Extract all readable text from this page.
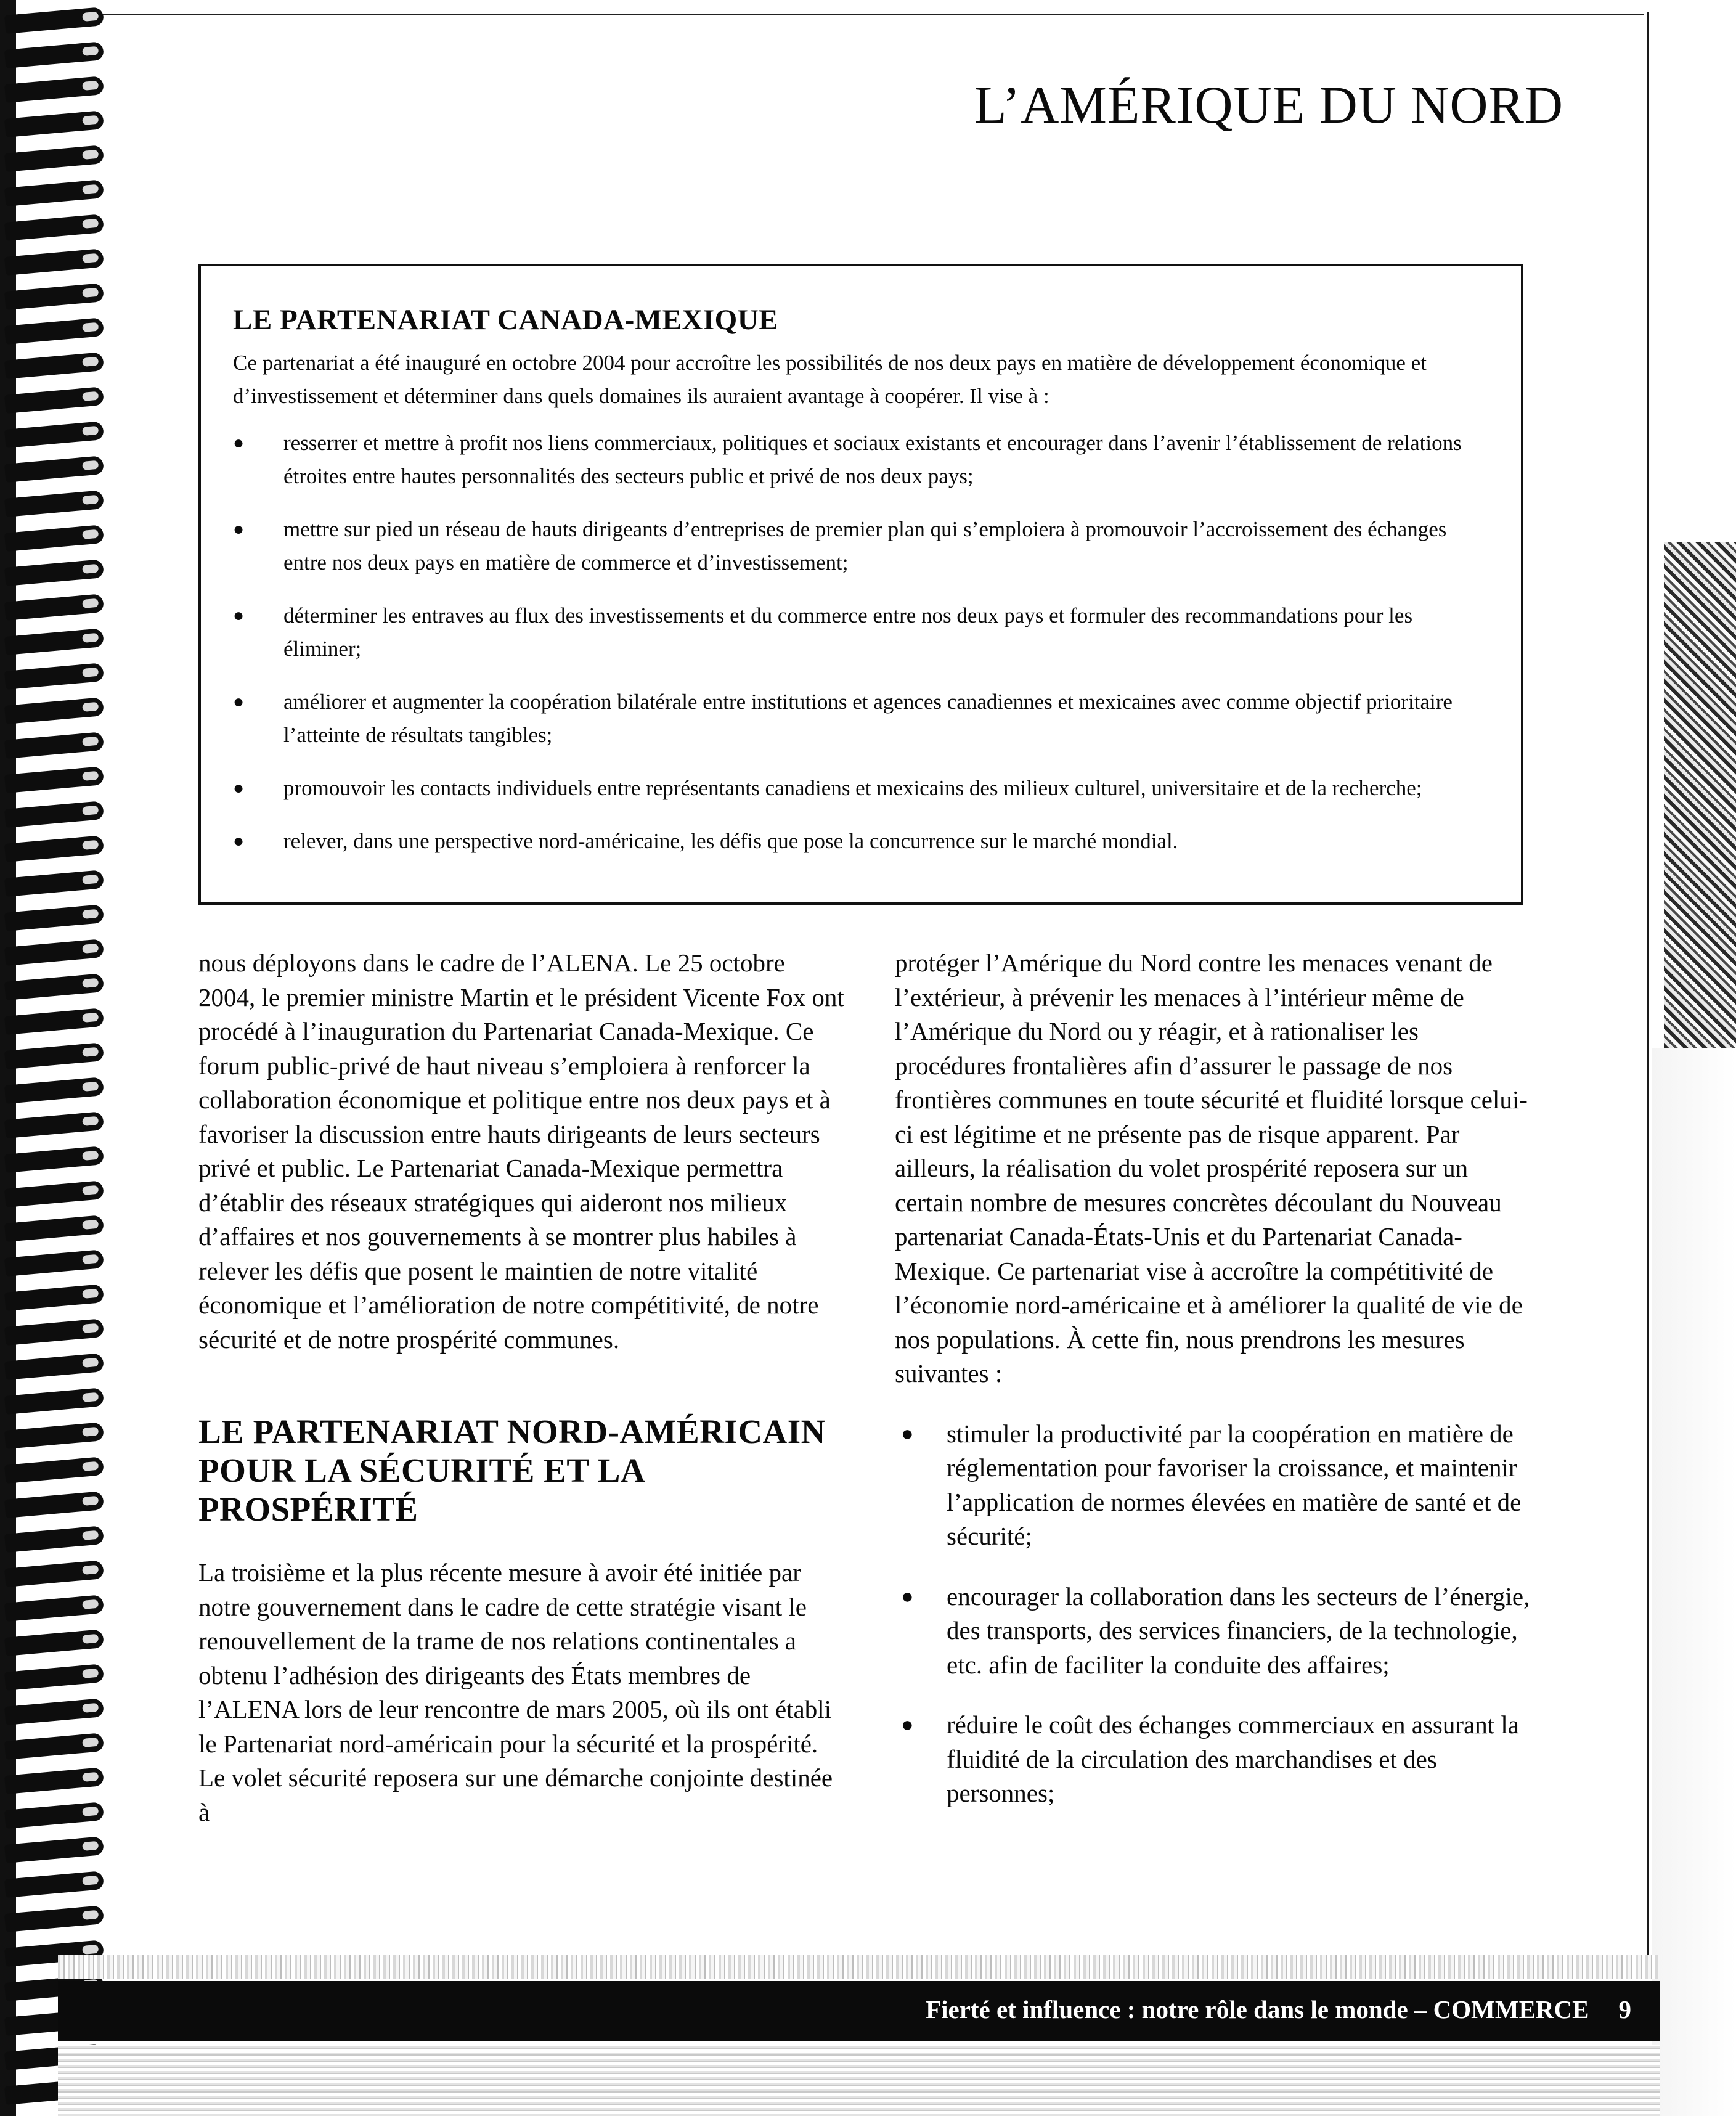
L’AMÉRIQUE DU NORD
LE PARTENARIAT CANADA-MEXIQUE

Ce partenariat a été inauguré en octobre 2004 pour accroître les possibilités de nos deux pays en matière de développement économique et d’investissement et déterminer dans quels domaines ils auraient avantage à coopérer. Il vise à :

● resserrer et mettre à profit nos liens commerciaux, politiques et sociaux existants et encourager dans l’avenir l’établissement de relations étroites entre hautes personnalités des secteurs public et privé de nos deux pays;
● mettre sur pied un réseau de hauts dirigeants d’entreprises de premier plan qui s’emploiera à promouvoir l’accroissement des échanges entre nos deux pays en matière de commerce et d’investissement;
● déterminer les entraves au flux des investissements et du commerce entre nos deux pays et formuler des recommandations pour les éliminer;
● améliorer et augmenter la coopération bilatérale entre institutions et agences canadiennes et mexicaines avec comme objectif prioritaire l’atteinte de résultats tangibles;
● promouvoir les contacts individuels entre représentants canadiens et mexicains des milieux culturel, universitaire et de la recherche;
● relever, dans une perspective nord-américaine, les défis que pose la concurrence sur le marché mondial.

nous déployons dans le cadre de l’ALENA. Le 25 octobre 2004, le premier ministre Martin et le président Vicente Fox ont procédé à l’inauguration du Partenariat Canada-Mexique. Ce forum public-privé de haut niveau s’emploiera à renforcer la collaboration économique et politique entre nos deux pays et à favoriser la discussion entre hauts dirigeants de leurs secteurs privé et public. Le Partenariat Canada-Mexique permettra d’établir des réseaux stratégiques qui aideront nos milieux d’affaires et nos gouvernements à se montrer plus habiles à relever les défis que posent le maintien de notre vitalité économique et l’amélioration de notre compétitivité, de notre sécurité et de notre prospérité communes.

LE PARTENARIAT NORD-AMÉRICAIN POUR LA SÉCURITÉ ET LA PROSPÉRITÉ

La troisième et la plus récente mesure à avoir été initiée par notre gouvernement dans le cadre de cette stratégie visant le renouvellement de la trame de nos relations continentales a obtenu l’adhésion des dirigeants des États membres de l’ALENA lors de leur rencontre de mars 2005, où ils ont établi le Partenariat nord-américain pour la sécurité et la prospérité. Le volet sécurité reposera sur une démarche conjointe destinée à

protéger l’Amérique du Nord contre les menaces venant de l’extérieur, à prévenir les menaces à l’intérieur même de l’Amérique du Nord ou y réagir, et à rationaliser les procédures frontalières afin d’assurer le passage de nos frontières communes en toute sécurité et fluidité lorsque celui-ci est légitime et ne présente pas de risque apparent. Par ailleurs, la réalisation du volet prospérité reposera sur un certain nombre de mesures concrètes découlant du Nouveau partenariat Canada-États-Unis et du Partenariat Canada-Mexique. Ce partenariat vise à accroître la compétitivité de l’économie nord-américaine et à améliorer la qualité de vie de nos populations. À cette fin, nous prendrons les mesures suivantes :

● stimuler la productivité par la coopération en matière de réglementation pour favoriser la croissance, et maintenir l’application de normes élevées en matière de santé et de sécurité;
● encourager la collaboration dans les secteurs de l’énergie, des transports, des services financiers, de la technologie, etc. afin de faciliter la conduite des affaires;
● réduire le coût des échanges commerciaux en assurant la fluidité de la circulation des marchandises et des personnes;
Fierté et influence : notre rôle dans le monde – COMMERCE 9
